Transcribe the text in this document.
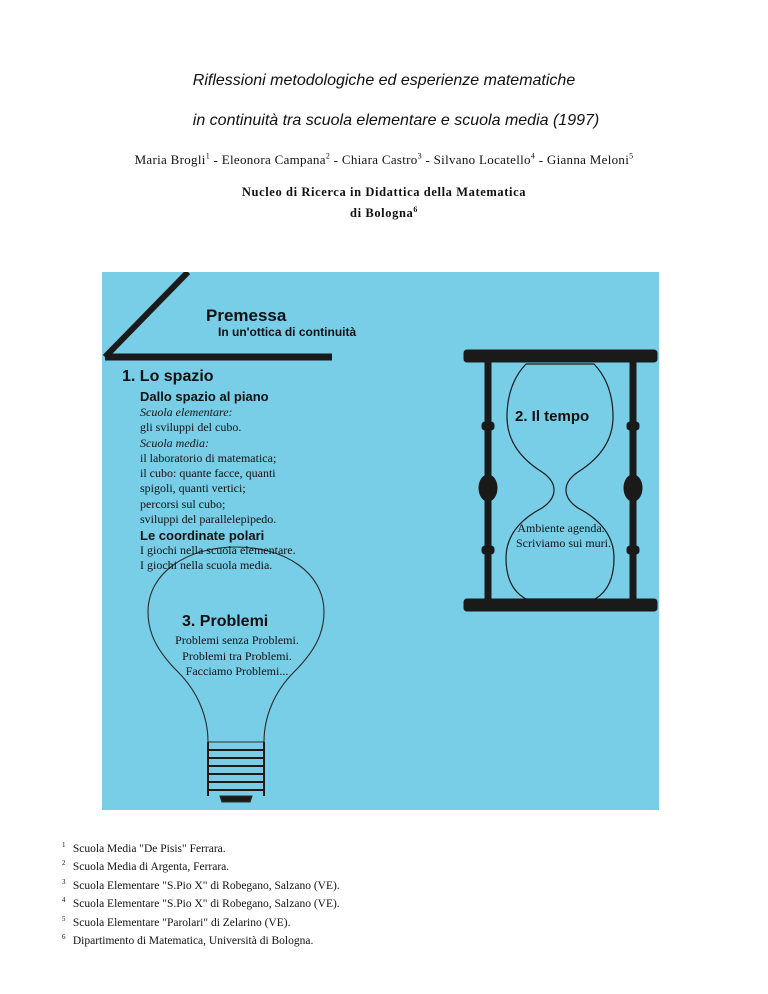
Riflessioni metodologiche ed esperienze matematiche
in continuità tra scuola elementare e scuola media (1997)
Maria Brogli$^1$ - Eleonora Campana$^2$ - Chiara Castro$^3$ - Silvano Locatello$^4$ - Gianna Meloni$^5$
Nucleo di Ricerca in Didattica della Matematica
di Bologna$^6$
Premessa
In un'ottica di continuità
1. Lo spazio
Dallo spazio al piano
Scuola elementare:
gli sviluppi del cubo.
Scuola media:
il laboratorio di matematica;
il cubo: quante facce, quanti
spigoli, quanti vertici;
percorsi sul cubo;
sviluppi del parallelepipedo.
Le coordinate polari
I giochi nella scuola elementare.
I giochi nella scuola media.
2. Il tempo
Ambiente agenda.
Scriviamo sui muri.
3. Problemi
Problemi senza Problemi.
Problemi tra Problemi.
Facciamo Problemi...
$^1$ Scuola Media "De Pisis" Ferrara.
$^2$ Scuola Media di Argenta, Ferrara.
$^3$ Scuola Elementare "S.Pio X" di Robegano, Salzano (VE).
$^4$ Scuola Elementare "S.Pio X" di Robegano, Salzano (VE).
$^5$ Scuola Elementare "Parolari" di Zelarino (VE).
$^6$ Dipartimento di Matematica, Università di Bologna.
